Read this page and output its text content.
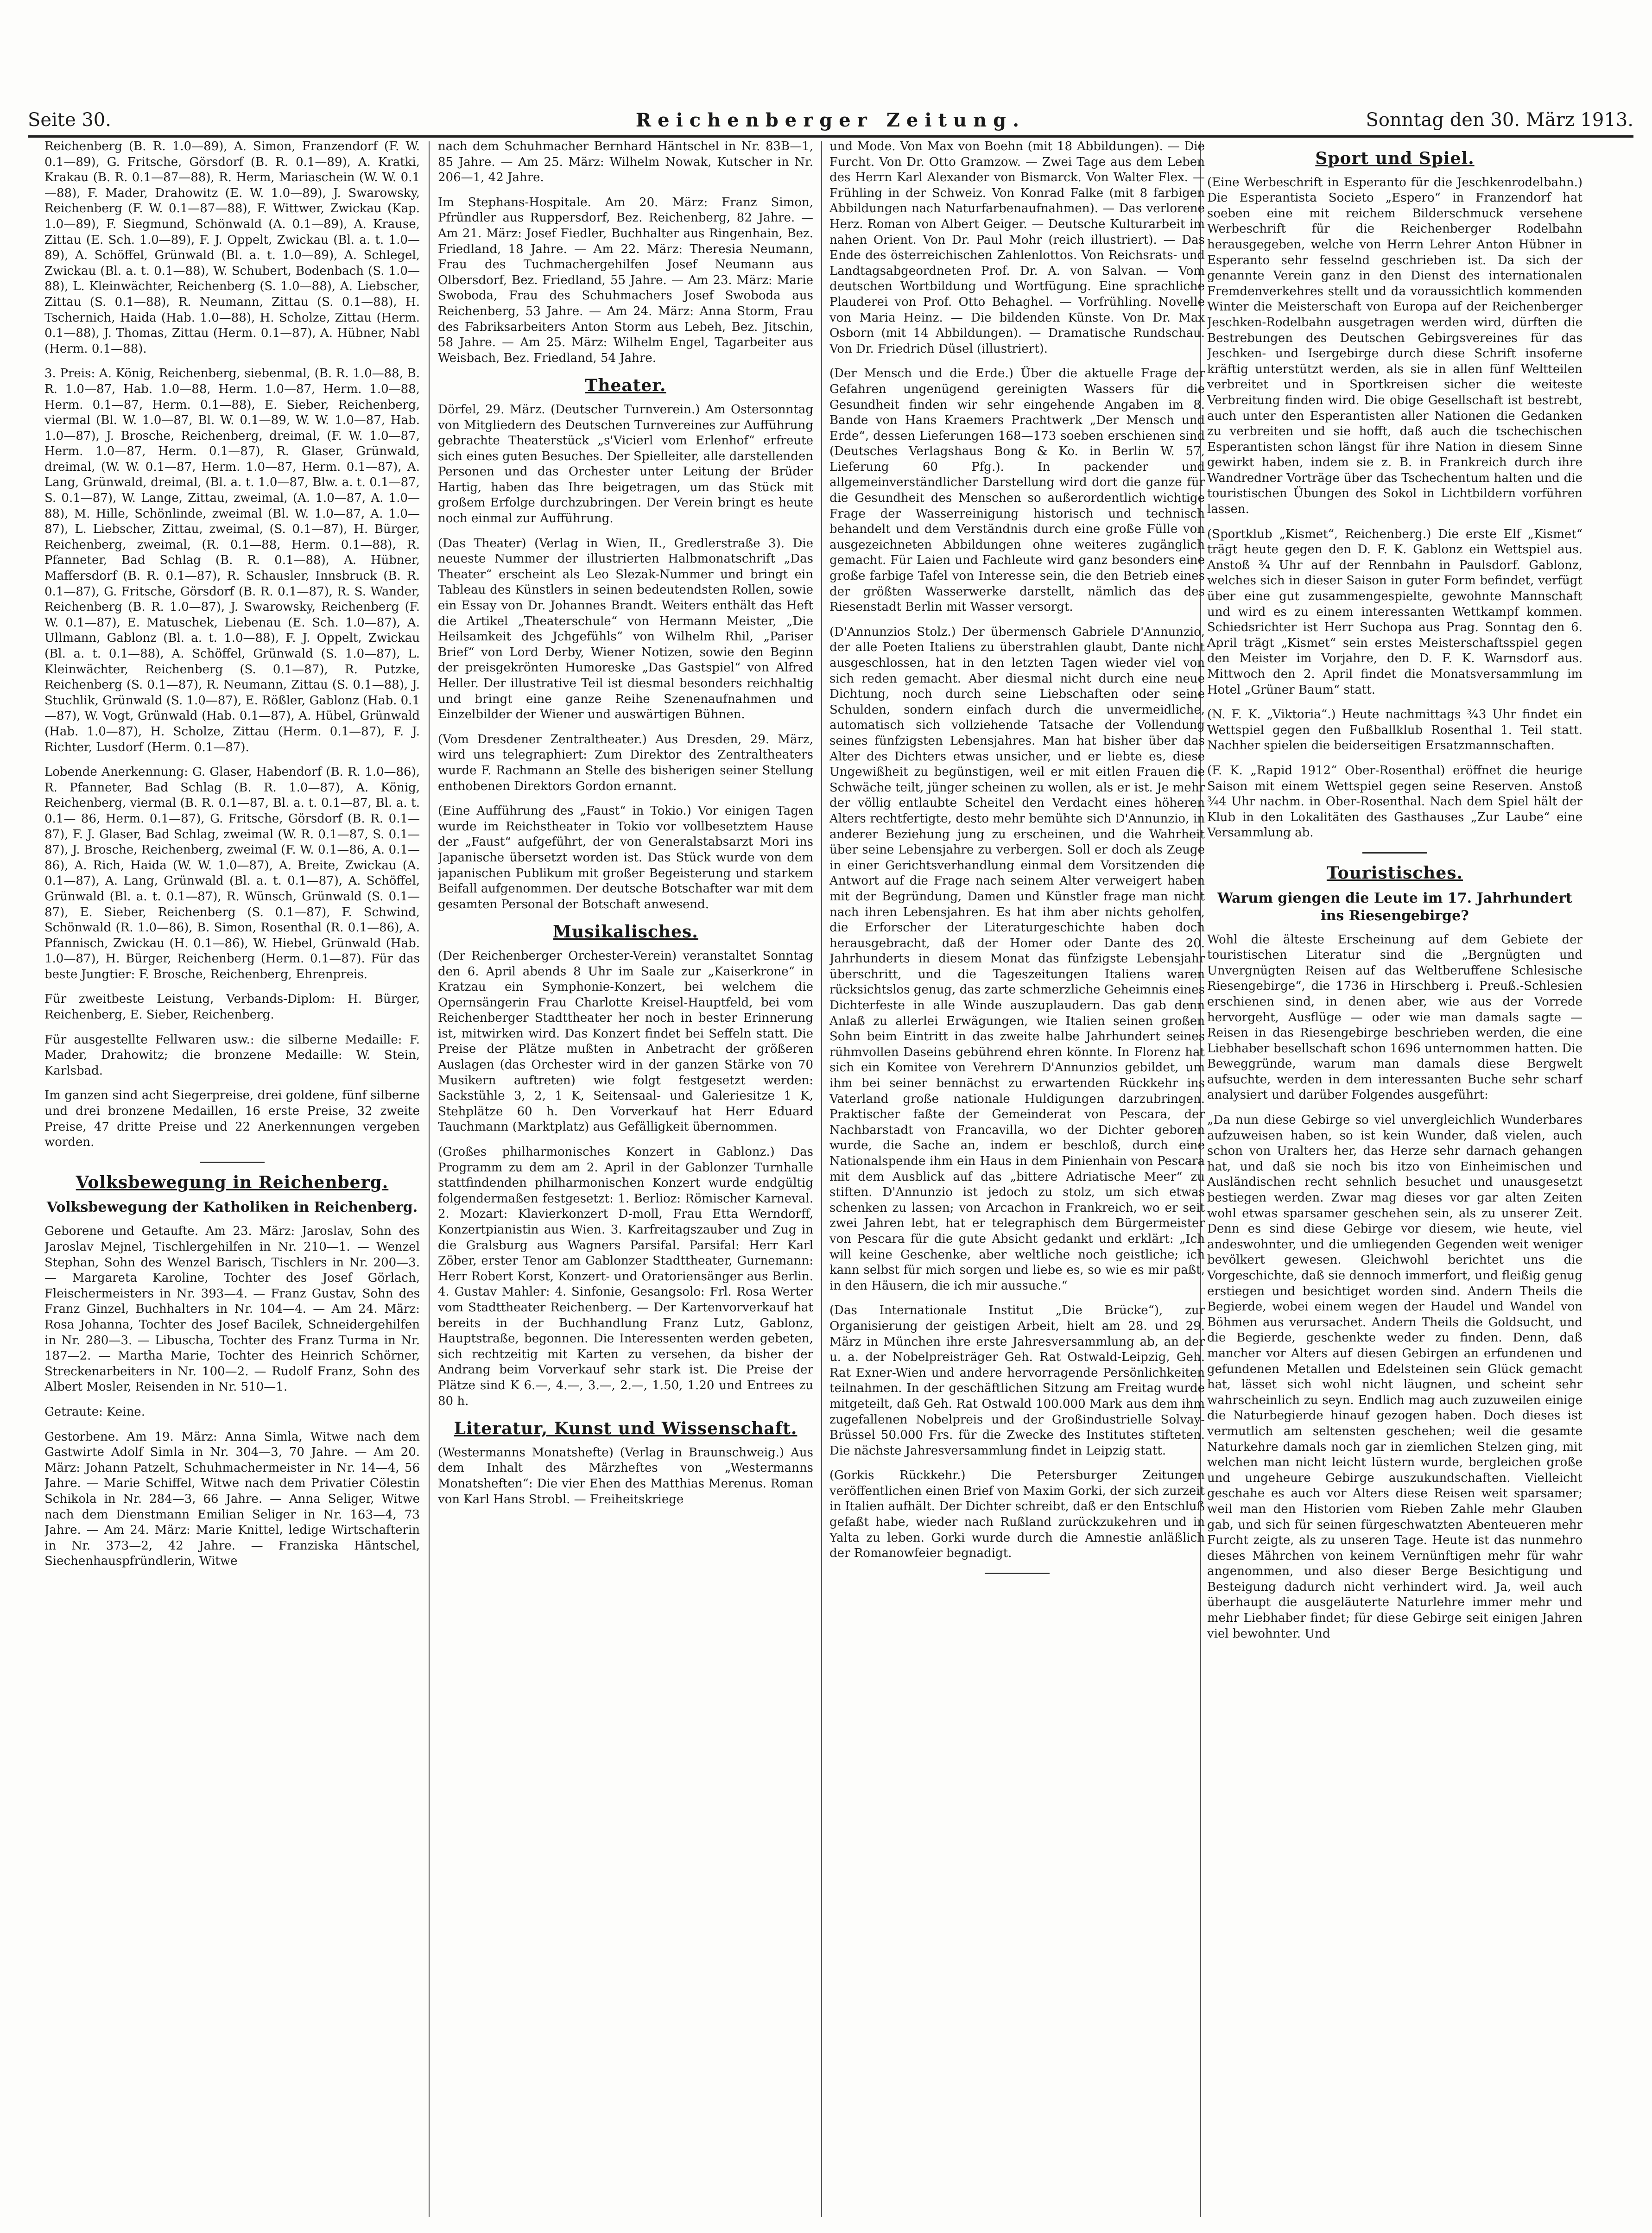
Seite 30.	Reichenberger Zeitung.	Sonntag den 30. März 1913.

Reichenberg (B. R. 1.0—89), A. Simon, Franzendorf (F. W. 0.1—89), G. Fritsche, Görsdorf (B. R. 0.1—89), A. Kratki, Krakau (B. R. 0.1—87—88), R. Herm, Mariaschein (W. W. 0.1—88), F. Mader, Drahowitz (E. W. 1.0—89), J. Swarowsky, Reichenberg (F. W. 0.1—87—88), F. Wittwer, Zwickau (Kap. 1.0—89), F. Siegmund, Schönwald (A. 0.1—89), A. Krause, Zittau (E. Sch. 1.0—89), F. J. Oppelt, Zwickau (Bl. a. t. 1.0—89), A. Schöffel, Grünwald (Bl. a. t. 1.0—89), A. Schlegel, Zwickau (Bl. a. t. 0.1—88), W. Schubert, Bodenbach (S. 1.0—88), L. Kleinwächter, Reichenberg (S. 1.0—88), A. Liebscher, Zittau (S. 0.1—88), R. Neumann, Zittau (S. 0.1—88), H. Tschernich, Haida (Hab. 1.0—88), H. Scholze, Zittau (Herm. 0.1—88), J. Thomas, Zittau (Herm. 0.1—87), A. Hübner, Nabl (Herm. 0.1—88).

3. Preis: A. König, Reichenberg, siebenmal, (B. R. 1.0—88, B. R. 1.0—87, Hab. 1.0—88, Herm. 1.0—87, Herm. 1.0—88, Herm. 0.1—87, Herm. 0.1—88), E. Sieber, Reichenberg, viermal (Bl. W. 1.0—87, Bl. W. 0.1—89, W. W. 1.0—87, Hab. 1.0—87), J. Brosche, Reichenberg, dreimal, (F. W. 1.0—87, Herm. 1.0—87, Herm. 0.1—87), R. Glaser, Grünwald, dreimal, (W. W. 0.1—87, Herm. 1.0—87, Herm. 0.1—87), A. Lang, Grünwald, dreimal, (Bl. a. t. 1.0—87, Blw. a. t. 0.1—87, S. 0.1—87), W. Lange, Zittau, zweimal, (A. 1.0—87, A. 1.0—88), M. Hille, Schönlinde, zweimal (Bl. W. 1.0—87, A. 1.0—87), L. Liebscher, Zittau, zweimal, (S. 0.1—87), H. Bürger, Reichenberg, zweimal, (R. 0.1—88, Herm. 0.1—88), R. Pfanneter, Bad Schlag (B. R. 0.1—88), A. Hübner, Maffersdorf (B. R. 0.1—87), R. Schausler, Innsbruck (B. R. 0.1—87), G. Fritsche, Görsdorf (B. R. 0.1—87), R. S. Wander, Reichenberg (B. R. 1.0—87), J. Swarowsky, Reichenberg (F. W. 0.1—87), E. Matuschek, Liebenau (E. Sch. 1.0—87), A. Ullmann, Gablonz (Bl. a. t. 1.0—88), F. J. Oppelt, Zwickau (Bl. a. t. 0.1—88), A. Schöffel, Grünwald (S. 1.0—87), L. Kleinwächter, Reichenberg (S. 0.1—87), R. Putzke, Reichenberg (S. 0.1—87), R. Neumann, Zittau (S. 0.1—88), J. Stuchlik, Grünwald (S. 1.0—87), E. Rößler, Gablonz (Hab. 0.1—87), W. Vogt, Grünwald (Hab. 0.1—87), A. Hübel, Grünwald (Hab. 1.0—87), H. Scholze, Zittau (Herm. 0.1—87), F. J. Richter, Lusdorf (Herm. 0.1—87).

Lobende Anerkennung: G. Glaser, Habendorf (B. R. 1.0—86), R. Pfanneter, Bad Schlag (B. R. 1.0—87), A. König, Reichenberg, viermal (B. R. 0.1—87, Bl. a. t. 0.1—87, Bl. a. t. 0.1— 86, Herm. 0.1—87), G. Fritsche, Görsdorf (B. R. 0.1—87), F. J. Glaser, Bad Schlag, zweimal (W. R. 0.1—87, S. 0.1—87), J. Brosche, Reichenberg, zweimal (F. W. 0.1—86, A. 0.1—86), A. Rich, Haida (W. W. 1.0—87), A. Breite, Zwickau (A. 0.1—87), A. Lang, Grünwald (Bl. a. t. 0.1—87), A. Schöffel, Grünwald (Bl. a. t. 0.1—87), R. Wünsch, Grünwald (S. 0.1—87), E. Sieber, Reichenberg (S. 0.1—87), F. Schwind, Schönwald (R. 1.0—86), B. Simon, Rosenthal (R. 0.1—86), A. Pfannisch, Zwickau (H. 0.1—86), W. Hiebel, Grünwald (Hab. 1.0—87), H. Bürger, Reichenberg (Herm. 0.1—87). Für das beste Jungtier: F. Brosche, Reichenberg, Ehrenpreis.

Für zweitbeste Leistung, Verbands-Diplom: H. Bürger, Reichenberg, E. Sieber, Reichenberg.

Für ausgestellte Fellwaren usw.: die silberne Medaille: F. Mader, Drahowitz; die bronzene Medaille: W. Stein, Karlsbad.

Im ganzen sind acht Siegerpreise, drei goldene, fünf silberne und drei bronzene Medaillen, 16 erste Preise, 32 zweite Preise, 47 dritte Preise und 22 Anerkennungen vergeben worden.

Volksbewegung in Reichenberg.
Volksbewegung der Katholiken in Reichenberg.

Geborene und Getaufte. Am 23. März: Jaroslav, Sohn des Jaroslav Mejnel, Tischlergehilfen in Nr. 210—1. — Wenzel Stephan, Sohn des Wenzel Barisch, Tischlers in Nr. 200—3. — Margareta Karoline, Tochter des Josef Görlach, Fleischermeisters in Nr. 393—4. — Franz Gustav, Sohn des Franz Ginzel, Buchhalters in Nr. 104—4. — Am 24. März: Rosa Johanna, Tochter des Josef Bacilek, Schneidergehilfen in Nr. 280—3. — Libuscha, Tochter des Franz Turma in Nr. 187—2. — Martha Marie, Tochter des Heinrich Schörner, Streckenarbeiters in Nr. 100—2. — Rudolf Franz, Sohn des Albert Mosler, Reisenden in Nr. 510—1.

Getraute: Keine.

Gestorbene. Am 19. März: Anna Simla, Witwe nach dem Gastwirte Adolf Simla in Nr. 304—3, 70 Jahre. — Am 20. März: Johann Patzelt, Schuhmachermeister in Nr. 14—4, 56 Jahre. — Marie Schiffel, Witwe nach dem Privatier Cölestin Schikola in Nr. 284—3, 66 Jahre. — Anna Seliger, Witwe nach dem Dienstmann Emilian Seliger in Nr. 163—4, 73 Jahre. — Am 24. März: Marie Knittel, ledige Wirtschafterin in Nr. 373—2, 42 Jahre. — Franziska Häntschel, Siechenhauspfründlerin, Witwe

nach dem Schuhmacher Bernhard Häntschel in Nr. 83B—1, 85 Jahre. — Am 25. März: Wilhelm Nowak, Kutscher in Nr. 206—1, 42 Jahre.

Im Stephans-Hospitale. Am 20. März: Franz Simon, Pfründler aus Ruppersdorf, Bez. Reichenberg, 82 Jahre. — Am 21. März: Josef Fiedler, Buchhalter aus Ringenhain, Bez. Friedland, 18 Jahre. — Am 22. März: Theresia Neumann, Frau des Tuchmachergehilfen Josef Neumann aus Olbersdorf, Bez. Friedland, 55 Jahre. — Am 23. März: Marie Swoboda, Frau des Schuhmachers Josef Swoboda aus Reichenberg, 53 Jahre. — Am 24. März: Anna Storm, Frau des Fabriksarbeiters Anton Storm aus Lebeh, Bez. Jitschin, 58 Jahre. — Am 25. März: Wilhelm Engel, Tagarbeiter aus Weisbach, Bez. Friedland, 54 Jahre.

Theater.

Dörfel, 29. März. (Deutscher Turnverein.) Am Ostersonntag von Mitgliedern des Deutschen Turnvereines zur Aufführung gebrachte Theaterstück „s'Vicierl vom Erlenhof“ erfreute sich eines guten Besuches. Der Spielleiter, alle darstellenden Personen und das Orchester unter Leitung der Brüder Hartig, haben das Ihre beigetragen, um das Stück mit großem Erfolge durchzubringen. Der Verein bringt es heute noch einmal zur Aufführung.

(Das Theater) (Verlag in Wien, II., Gredlerstraße 3). Die neueste Nummer der illustrierten Halbmonatschrift „Das Theater“ erscheint als Leo Slezak-Nummer und bringt ein Tableau des Künstlers in seinen bedeutendsten Rollen, sowie ein Essay von Dr. Johannes Brandt. Weiters enthält das Heft die Artikel „Theaterschule“ von Hermann Meister, „Die Heilsamkeit des Jchgefühls“ von Wilhelm Rhil, „Pariser Brief“ von Lord Derby, Wiener Notizen, sowie den Beginn der preisgekrönten Humoreske „Das Gastspiel“ von Alfred Heller. Der illustrative Teil ist diesmal besonders reichhaltig und bringt eine ganze Reihe Szenenaufnahmen und Einzelbilder der Wiener und auswärtigen Bühnen.

(Vom Dresdener Zentraltheater.) Aus Dresden, 29. März, wird uns telegraphiert: Zum Direktor des Zentraltheaters wurde F. Rachmann an Stelle des bisherigen seiner Stellung enthobenen Direktors Gordon ernannt.

(Eine Aufführung des „Faust“ in Tokio.) Vor einigen Tagen wurde im Reichstheater in Tokio vor vollbesetztem Hause der „Faust“ aufgeführt, der von Generalstabsarzt Mori ins Japanische übersetzt worden ist. Das Stück wurde von dem japanischen Publikum mit großer Begeisterung und starkem Beifall aufgenommen. Der deutsche Botschafter war mit dem gesamten Personal der Botschaft anwesend.

Musikalisches.

(Der Reichenberger Orchester-Verein) veranstaltet Sonntag den 6. April abends 8 Uhr im Saale zur „Kaiserkrone“ in Kratzau ein Symphonie-Konzert, bei welchem die Opernsängerin Frau Charlotte Kreisel-Hauptfeld, bei vom Reichenberger Stadttheater her noch in bester Erinnerung ist, mitwirken wird. Das Konzert findet bei Seffeln statt. Die Preise der Plätze mußten in Anbetracht der größeren Auslagen (das Orchester wird in der ganzen Stärke von 70 Musikern auftreten) wie folgt festgesetzt werden: Sackstühle 3, 2, 1 K, Seitensaal- und Galeriesitze 1 K, Stehplätze 60 h. Den Vorverkauf hat Herr Eduard Tauchmann (Marktplatz) aus Gefälligkeit übernommen.

(Großes philharmonisches Konzert in Gablonz.) Das Programm zu dem am 2. April in der Gablonzer Turnhalle stattfindenden philharmonischen Konzert wurde endgültig folgendermaßen festgesetzt: 1. Berlioz: Römischer Karneval. 2. Mozart: Klavierkonzert D-moll, Frau Etta Werndorff, Konzertpianistin aus Wien. 3. Karfreitagszauber und Zug in die Gralsburg aus Wagners Parsifal. Parsifal: Herr Karl Zöber, erster Tenor am Gablonzer Stadttheater, Gurnemann: Herr Robert Korst, Konzert- und Oratoriensänger aus Berlin. 4. Gustav Mahler: 4. Sinfonie, Gesangsolo: Frl. Rosa Werter vom Stadttheater Reichenberg. — Der Kartenvorverkauf hat bereits in der Buchhandlung Franz Lutz, Gablonz, Hauptstraße, begonnen. Die Interessenten werden gebeten, sich rechtzeitig mit Karten zu versehen, da bisher der Andrang beim Vorverkauf sehr stark ist. Die Preise der Plätze sind K 6.—, 4.—, 3.—, 2.—, 1.50, 1.20 und Entrees zu 80 h.

Literatur, Kunst und Wissenschaft.

(Westermanns Monatshefte) (Verlag in Braunschweig.) Aus dem Inhalt des Märzheftes von „Westermanns Monatsheften“: Die vier Ehen des Matthias Merenus. Roman von Karl Hans Strobl. — Freiheitskriege

und Mode. Von Max von Boehn (mit 18 Abbildungen). — Die Furcht. Von Dr. Otto Gramzow. — Zwei Tage aus dem Leben des Herrn Karl Alexander von Bismarck. Von Walter Flex. — Frühling in der Schweiz. Von Konrad Falke (mit 8 farbigen Abbildungen nach Naturfarbenaufnahmen). — Das verlorene Herz. Roman von Albert Geiger. — Deutsche Kulturarbeit im nahen Orient. Von Dr. Paul Mohr (reich illustriert). — Das Ende des österreichischen Zahlenlottos. Von Reichsrats- und Landtagsabgeordneten Prof. Dr. A. von Salvan. — Vom deutschen Wortbildung und Wortfügung. Eine sprachliche Plauderei von Prof. Otto Behaghel. — Vorfrühling. Novelle von Maria Heinz. — Die bildenden Künste. Von Dr. Max Osborn (mit 14 Abbildungen). — Dramatische Rundschau. Von Dr. Friedrich Düsel (illustriert).

(Der Mensch und die Erde.) Über die aktuelle Frage der Gefahren ungenügend gereinigten Wassers für die Gesundheit finden wir sehr eingehende Angaben im 8. Bande von Hans Kraemers Prachtwerk „Der Mensch und Erde“, dessen Lieferungen 168—173 soeben erschienen sind (Deutsches Verlagshaus Bong & Ko. in Berlin W. 57, Lieferung 60 Pfg.). In packender und allgemeinverständlicher Darstellung wird dort die ganze für die Gesundheit des Menschen so außerordentlich wichtige Frage der Wasserreinigung historisch und technisch behandelt und dem Verständnis durch eine große Fülle von ausgezeichneten Abbildungen ohne weiteres zugänglich gemacht. Für Laien und Fachleute wird ganz besonders eine große farbige Tafel von Interesse sein, die den Betrieb eines der größten Wasserwerke darstellt, nämlich das des Riesenstadt Berlin mit Wasser versorgt.

(D'Annunzios Stolz.) Der übermensch Gabriele D'Annunzio, der alle Poeten Italiens zu überstrahlen glaubt, Dante nicht ausgeschlossen, hat in den letzten Tagen wieder viel von sich reden gemacht. Aber diesmal nicht durch eine neue Dichtung, noch durch seine Liebschaften oder seine Schulden, sondern einfach durch die unvermeidliche, automatisch sich vollziehende Tatsache der Vollendung seines fünfzigsten Lebensjahres. Man hat bisher über das Alter des Dichters etwas unsicher, und er liebte es, diese Ungewißheit zu begünstigen, weil er mit eitlen Frauen die Schwäche teilt, jünger scheinen zu wollen, als er ist. Je mehr der völlig entlaubte Scheitel den Verdacht eines höheren Alters rechtfertigte, desto mehr bemühte sich D'Annunzio, in anderer Beziehung jung zu erscheinen, und die Wahrheit über seine Lebensjahre zu verbergen. Soll er doch als Zeuge in einer Gerichtsverhandlung einmal dem Vorsitzenden die Antwort auf die Frage nach seinem Alter verweigert haben mit der Begründung, Damen und Künstler frage man nicht nach ihren Lebensjahren. Es hat ihm aber nichts geholfen, die Erforscher der Literaturgeschichte haben doch herausgebracht, daß der Homer oder Dante des 20. Jahrhunderts in diesem Monat das fünfzigste Lebensjahr überschritt, und die Tageszeitungen Italiens waren rücksichtslos genug, das zarte schmerzliche Geheimnis eines Dichterfeste in alle Winde auszuplaudern. Das gab denn Anlaß zu allerlei Erwägungen, wie Italien seinen großen Sohn beim Eintritt in das zweite halbe Jahrhundert seines rühmvollen Daseins gebührend ehren könnte. In Florenz hat sich ein Komitee von Verehrern D'Annunzios gebildet, um ihm bei seiner bennächst zu erwartenden Rückkehr ins Vaterland große nationale Huldigungen darzubringen. Praktischer faßte der Gemeinderat von Pescara, der Nachbarstadt von Francavilla, wo der Dichter geboren wurde, die Sache an, indem er beschloß, durch eine Nationalspende ihm ein Haus in dem Pinienhain von Pescara mit dem Ausblick auf das „bittere Adriatische Meer“ zu stiften. D'Annunzio ist jedoch zu stolz, um sich etwas schenken zu lassen; von Arcachon in Frankreich, wo er seit zwei Jahren lebt, hat er telegraphisch dem Bürgermeister von Pescara für die gute Absicht gedankt und erklärt: „Ich will keine Geschenke, aber weltliche noch geistliche; ich kann selbst für mich sorgen und liebe es, so wie es mir paßt, in den Häusern, die ich mir aussuche.“

(Das Internationale Institut „Die Brücke“), zur Organisierung der geistigen Arbeit, hielt am 28. und 29. März in München ihre erste Jahresversammlung ab, an der u. a. der Nobelpreisträger Geh. Rat Ostwald-Leipzig, Geh. Rat Exner-Wien und andere hervorragende Persönlichkeiten teilnahmen. In der geschäftlichen Sitzung am Freitag wurde mitgeteilt, daß Geh. Rat Ostwald 100.000 Mark aus dem ihm zugefallenen Nobelpreis und der Großindustrielle Solvay-Brüssel 50.000 Frs. für die Zwecke des Institutes stifteten. Die nächste Jahresversammlung findet in Leipzig statt.

(Gorkis Rückkehr.) Die Petersburger Zeitungen veröffentlichen einen Brief von Maxim Gorki, der sich zurzeit in Italien aufhält. Der Dichter schreibt, daß er den Entschluß gefaßt habe, wieder nach Rußland zurückzukehren und in Yalta zu leben. Gorki wurde durch die Amnestie anläßlich der Romanowfeier begnadigt.

Sport und Spiel.

(Eine Werbeschrift in Esperanto für die Jeschkenrodelbahn.) Die Esperantista Societo „Espero“ in Franzendorf hat soeben eine mit reichem Bilderschmuck versehene Werbeschrift für die Reichenberger Rodelbahn herausgegeben, welche von Herrn Lehrer Anton Hübner in Esperanto sehr fesselnd geschrieben ist. Da sich der genannte Verein ganz in den Dienst des internationalen Fremdenverkehres stellt und da voraussichtlich kommenden Winter die Meisterschaft von Europa auf der Reichenberger Jeschken-Rodelbahn ausgetragen werden wird, dürften die Bestrebungen des Deutschen Gebirgsvereines für das Jeschken- und Isergebirge durch diese Schrift insoferne kräftig unterstützt werden, als sie in allen fünf Weltteilen verbreitet und in Sportkreisen sicher die weiteste Verbreitung finden wird. Die obige Gesellschaft ist bestrebt, auch unter den Esperantisten aller Nationen die Gedanken zu verbreiten und sie hofft, daß auch die tschechischen Esperantisten schon längst für ihre Nation in diesem Sinne gewirkt haben, indem sie z. B. in Frankreich durch ihre Wandredner Vorträge über das Tschechentum halten und die touristischen Übungen des Sokol in Lichtbildern vorführen lassen.

(Sportklub „Kismet“, Reichenberg.) Die erste Elf „Kismet“ trägt heute gegen den D. F. K. Gablonz ein Wettspiel aus. Anstoß ¾ Uhr auf der Rennbahn in Paulsdorf. Gablonz, welches sich in dieser Saison in guter Form befindet, verfügt über eine gut zusammengespielte, gewohnte Mannschaft und wird es zu einem interessanten Wettkampf kommen. Schiedsrichter ist Herr Suchopa aus Prag. Sonntag den 6. April trägt „Kismet“ sein erstes Meisterschaftsspiel gegen den Meister im Vorjahre, den D. F. K. Warnsdorf aus. Mittwoch den 2. April findet die Monatsversammlung im Hotel „Grüner Baum“ statt.

(N. F. K. „Viktoria“.) Heute nachmittags ¾3 Uhr findet ein Wettspiel gegen den Fußballklub Rosenthal 1. Teil statt. Nachher spielen die beiderseitigen Ersatzmannschaften.

(F. K. „Rapid 1912“ Ober-Rosenthal) eröffnet die heurige Saison mit einem Wettspiel gegen seine Reserven. Anstoß ¾4 Uhr nachm. in Ober-Rosenthal. Nach dem Spiel hält der Klub in den Lokalitäten des Gasthauses „Zur Laube“ eine Versammlung ab.

Touristisches.
Warum giengen die Leute im 17. Jahrhundert ins Riesengebirge?

Wohl die älteste Erscheinung auf dem Gebiete der touristischen Literatur sind die „Bergnügten und Unvergnügten Reisen auf das Weltberuffene Schlesische Riesengebirge“, die 1736 in Hirschberg i. Preuß.-Schlesien erschienen sind, in denen aber, wie aus der Vorrede hervorgeht, Ausflüge — oder wie man damals sagte — Reisen in das Riesengebirge beschrieben werden, die eine Liebhaber besellschaft schon 1696 unternommen hatten. Die Beweggründe, warum man damals diese Bergwelt aufsuchte, werden in dem interessanten Buche sehr scharf analysiert und darüber Folgendes ausgeführt:

„Da nun diese Gebirge so viel unvergleichlich Wunderbares aufzuweisen haben, so ist kein Wunder, daß vielen, auch schon von Uralters her, das Herze sehr darnach gehangen hat, und daß sie noch bis itzo von Einheimischen und Ausländischen recht sehnlich besuchet und unausgesetzt bestiegen werden. Zwar mag dieses vor gar alten Zeiten wohl etwas sparsamer geschehen sein, als zu unserer Zeit. Denn es sind diese Gebirge vor diesem, wie heute, viel andeswohnter, und die umliegenden Gegenden weit weniger bevölkert gewesen. Gleichwohl berichtet uns die Vorgeschichte, daß sie dennoch immerfort, und fleißig genug erstiegen und besichtiget worden sind. Andern Theils die Begierde, wobei einem wegen der Haudel und Wandel von Böhmen aus verursachet. Andern Theils die Goldsucht, und die Begierde, geschenkte weder zu finden. Denn, daß mancher vor Alters auf diesen Gebirgen an erfundenen und gefundenen Metallen und Edelsteinen sein Glück gemacht hat, lässet sich wohl nicht läugnen, und scheint sehr wahrscheinlich zu seyn. Endlich mag auch zuzuweilen einige die Naturbegierde hinauf gezogen haben. Doch dieses ist vermutlich am seltensten geschehen; weil die gesamte Naturkehre damals noch gar in ziemlichen Stelzen ging, mit welchen man nicht leicht lüstern wurde, bergleichen große und ungeheure Gebirge auszukundschaften. Vielleicht geschahe es auch vor Alters diese Reisen weit sparsamer; weil man den Historien vom Rieben Zahle mehr Glauben gab, und sich für seinen fürgeschwatzten Abenteueren mehr Furcht zeigte, als zu unseren Tage. Heute ist das nunmehro dieses Mährchen von keinem Vernünftigen mehr für wahr angenommen, und also dieser Berge Besichtigung und Besteigung dadurch nicht verhindert wird. Ja, weil auch überhaupt die ausgeläuterte Naturlehre immer mehr und mehr Liebhaber findet; für diese Gebirge seit einigen Jahren viel bewohnter. Und
